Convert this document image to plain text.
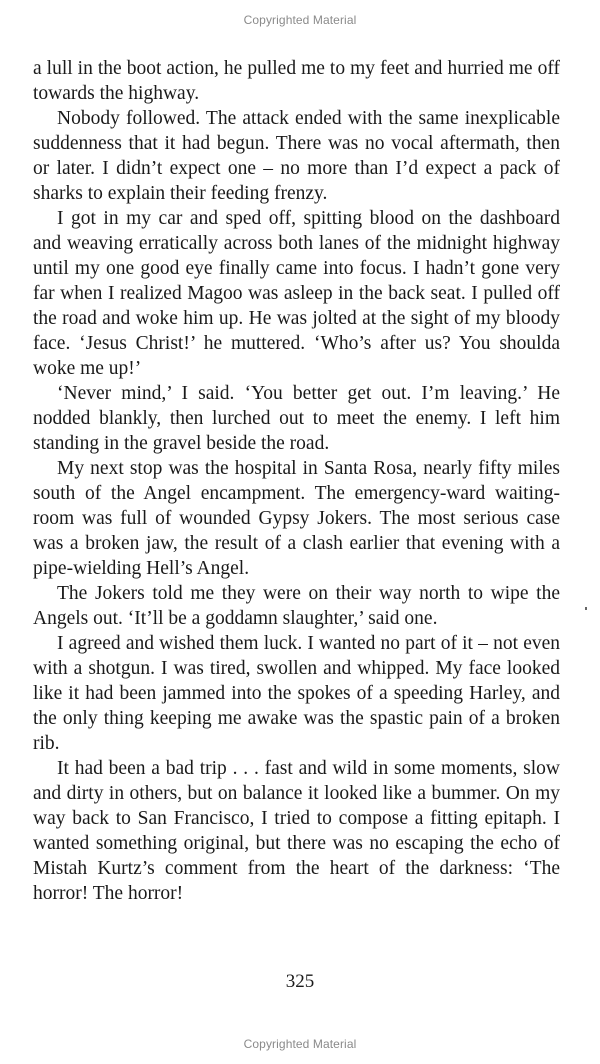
Copyrighted Material

a lull in the boot action, he pulled me to my feet and hurried me off towards the highway.

Nobody followed. The attack ended with the same inexplicable suddenness that it had begun. There was no vocal aftermath, then or later. I didn’t expect one – no more than I’d expect a pack of sharks to explain their feeding frenzy.

I got in my car and sped off, spitting blood on the dashboard and weaving erratically across both lanes of the midnight highway until my one good eye finally came into focus. I hadn’t gone very far when I realized Magoo was asleep in the back seat. I pulled off the road and woke him up. He was jolted at the sight of my bloody face. ‘Jesus Christ!’ he muttered. ‘Who’s after us? You shoulda woke me up!’

‘Never mind,’ I said. ‘You better get out. I’m leaving.’ He nodded blankly, then lurched out to meet the enemy. I left him standing in the gravel beside the road.

My next stop was the hospital in Santa Rosa, nearly fifty miles south of the Angel encampment. The emergency-ward waiting-room was full of wounded Gypsy Jokers. The most serious case was a broken jaw, the result of a clash earlier that evening with a pipe-wielding Hell’s Angel.

The Jokers told me they were on their way north to wipe the Angels out. ‘It’ll be a goddamn slaughter,’ said one.

I agreed and wished them luck. I wanted no part of it – not even with a shotgun. I was tired, swollen and whipped. My face looked like it had been jammed into the spokes of a speeding Harley, and the only thing keeping me awake was the spastic pain of a broken rib.

It had been a bad trip . . . fast and wild in some moments, slow and dirty in others, but on balance it looked like a bummer. On my way back to San Francisco, I tried to compose a fitting epitaph. I wanted something original, but there was no escaping the echo of Mistah Kurtz’s comment from the heart of the darkness: ‘The horror! The horror!

325
Copyrighted Material
